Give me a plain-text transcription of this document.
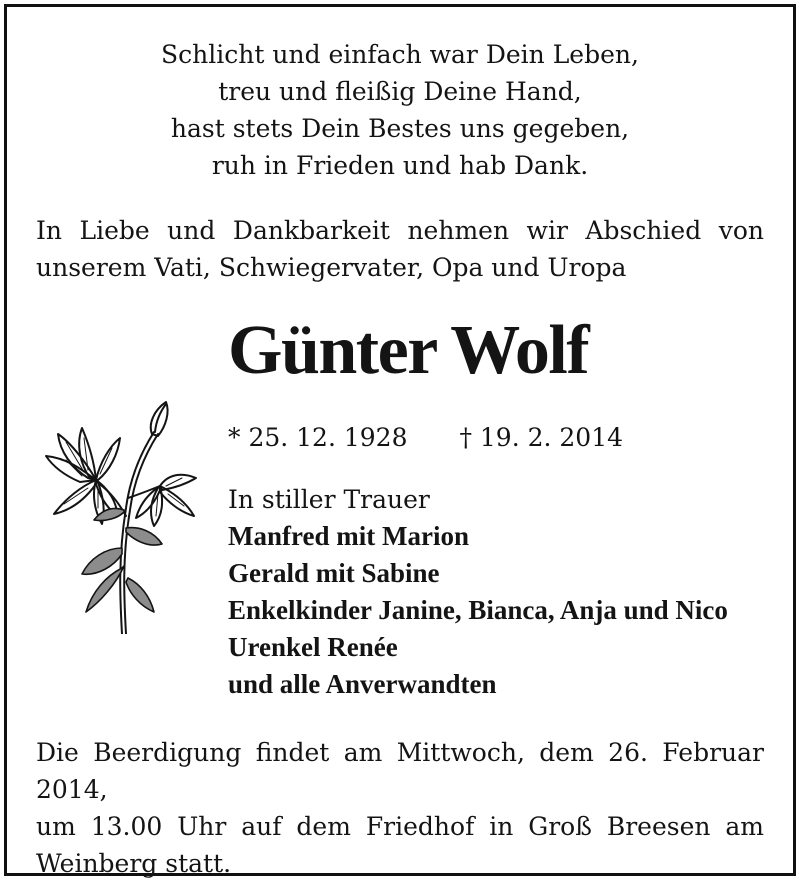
Schlicht und einfach war Dein Leben,
treu und fleißig Deine Hand,
hast stets Dein Bestes uns gegeben,
ruh in Frieden und hab Dank.
In Liebe und Dankbarkeit nehmen wir Abschied von
unserem Vati, Schwiegervater, Opa und Uropa
Günter Wolf
* 25. 12. 1928 † 19. 2. 2014
In stiller Trauer
Manfred mit Marion
Gerald mit Sabine
Enkelkinder Janine, Bianca, Anja und Nico
Urenkel Renée
und alle Anverwandten
Die Beerdigung findet am Mittwoch, dem 26. Februar 2014,
um 13.00 Uhr auf dem Friedhof in Groß Breesen am
Weinberg statt.
